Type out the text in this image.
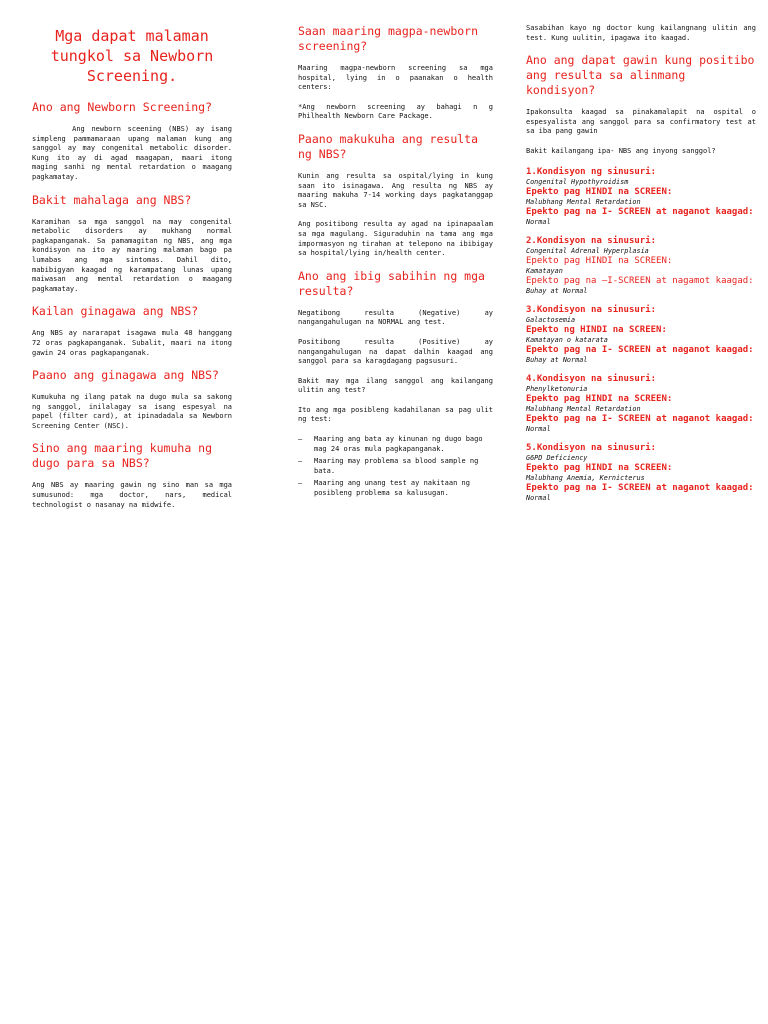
Mga dapat malaman tungkol sa Newborn Screening.
Ano ang Newborn Screening?
Ang newborn sceening (NBS) ay isang simpleng pammamaraan upang malaman kung ang sanggol ay may congenital metabolic disorder. Kung ito ay di agad maagapan, maari itong maging sanhi ng mental retardation o maagang pagkamatay.
Bakit mahalaga ang NBS?
Karamihan sa mga sanggol na may congenital metabolic disorders ay mukhang normal pagkapanganak. Sa pamamagitan ng NBS, ang mga kondisyon na ito ay maaring malaman bago pa lumabas ang mga sintomas. Dahil dito, mabibigyan kaagad ng karampatang lunas upang maiwasan ang mental retardation o maagang pagkamatay.
Kailan ginagawa ang NBS?
Ang NBS ay nararapat isagawa mula 48 hanggang 72 oras pagkapanganak. Subalit, maari na itong gawin 24 oras pagkapanganak.
Paano ang ginagawa ang NBS?
Kumukuha ng ilang patak na dugo mula sa sakong ng sanggol, inilalagay sa isang espesyal na papel (filter card), at ipinadadala sa Newborn Screening Center (NSC).
Sino ang maaring kumuha ng dugo para sa NBS?
Ang NBS ay maaring gawin ng sino man sa mga sumusunod: mga doctor, nars, medical technologist o nasanay na midwife.
Saan maaring magpa-newborn screening?
Maaring magpa-newborn screening sa mga hospital, lying in o paanakan o health centers:
*Ang newborn screening ay bahagi n g Philhealth Newborn Care Package.
Paano makukuha ang resulta ng NBS?
Kunin ang resulta sa ospital/lying in kung saan ito isinagawa. Ang resulta ng NBS ay maaring makuha 7-14 working days pagkatanggap sa NSC.
Ang positibong resulta ay agad na ipinapaalam sa mga magulang. Siguraduhin na tama ang mga impormasyon ng tirahan at telepono na ibibigay sa hospital/lying in/health center.
Ano ang ibig sabihin ng mga resulta?
Negatibong resulta (Negative) ay nangangahulugan na NORMAL ang test.
Positibong resulta (Positive) ay nangangahulugan na dapat dalhin kaagad ang sanggol para sa karagdagang pagsusuri.
Bakit may mga ilang sanggol ang kailangang ulitin ang test?
Ito ang mga posibleng kadahilanan sa pag ulit ng test:
– Maaring ang bata ay kinunan ng dugo bago mag 24 oras mula pagkapanganak.
– Maaring may problema sa blood sample ng bata.
– Maaring ang unang test ay nakitaan ng posibleng problema sa kalusugan.
Sasabihan kayo ng doctor kung kailangnang ulitin ang test. Kung uulitin, ipagawa ito kaagad.
Ano ang dapat gawin kung positibo ang resulta sa alinmang kondisyon?
Ipakonsulta kaagad sa pinakamalapit na ospital o espesyalista ang sanggol para sa confirmatory test at sa iba pang gawin
Bakit kailangang ipa- NBS ang inyong sanggol?
1.Kondisyon ng sinusuri:
Congenital Hypothyroidism
Epekto pag HINDI na SCREEN:
Malubhang Mental Retardation
Epekto pag na I- SCREEN at naganot kaagad:
Normal
2.Kondisyon na sinusuri:
Congenital Adrenal Hyperplasia
Epekto pag HINDI na SCREEN:
Kamatayan
Epekto pag na –I-SCREEN at nagamot kaagad:
Buhay at Normal
3.Kondisyon na sinusuri:
Galactosemia
Epekto ng HINDI na SCREEN:
Kamatayan o katarata
Epekto pag na I- SCREEN at naganot kaagad:
Buhay at Normal
4.Kondisyon na sinusuri:
Phenylketonuria
Epekto pag HINDI na SCREEN:
Malubhang Mental Retardation
Epekto pag na I- SCREEN at naganot kaagad:
Normal
5.Kondisyon na sinusuri:
G6PD Deficiency
Epekto pag HINDI na SCREEN:
Malubhang Anemia, Kernicterus
Epekto pag na I- SCREEN at naganot kaagad:
Normal
